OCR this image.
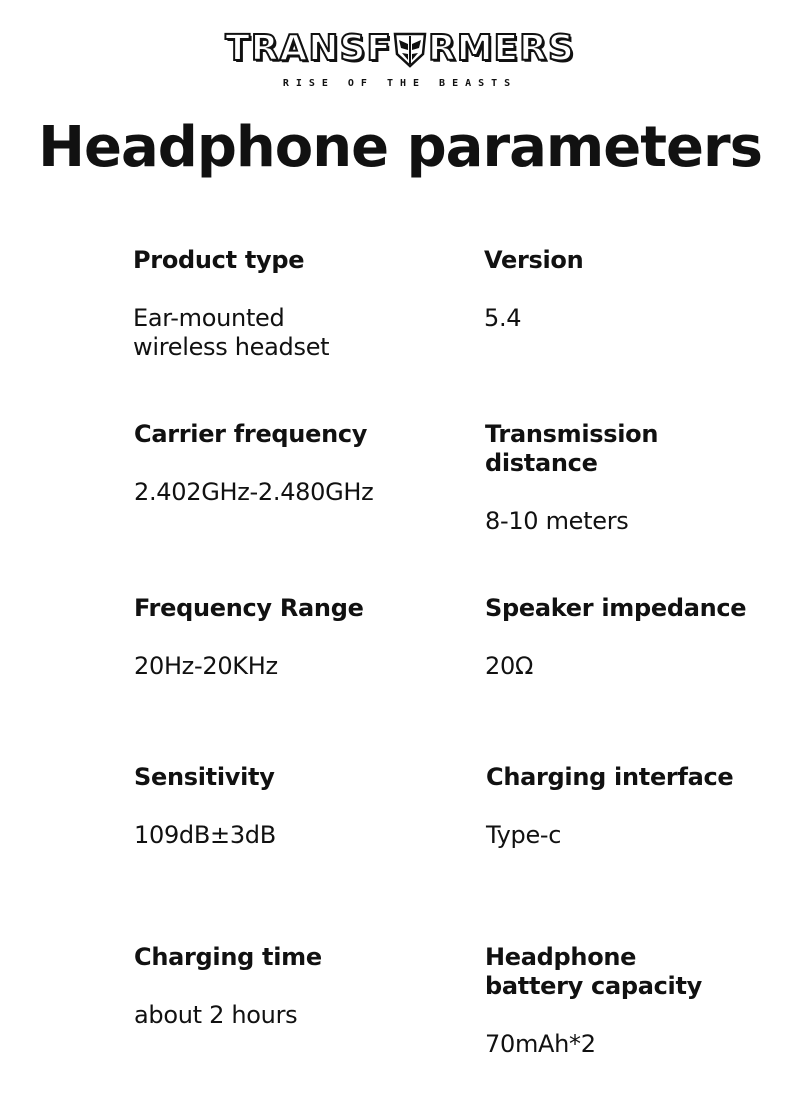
TRANSF RMERS
RISE OF THE BEASTS
Headphone parameters

Product type

Ear-mounted wireless headset

Version

5.4

Carrier frequency

2.402GHz-2.480GHz

Transmission distance

8-10 meters

Frequency Range

20Hz-20KHz

Speaker impedance

20Ω

Sensitivity

109dB±3dB

Charging interface

Type-c

Charging time

about 2 hours

Headphone battery capacity

70mAh*2
